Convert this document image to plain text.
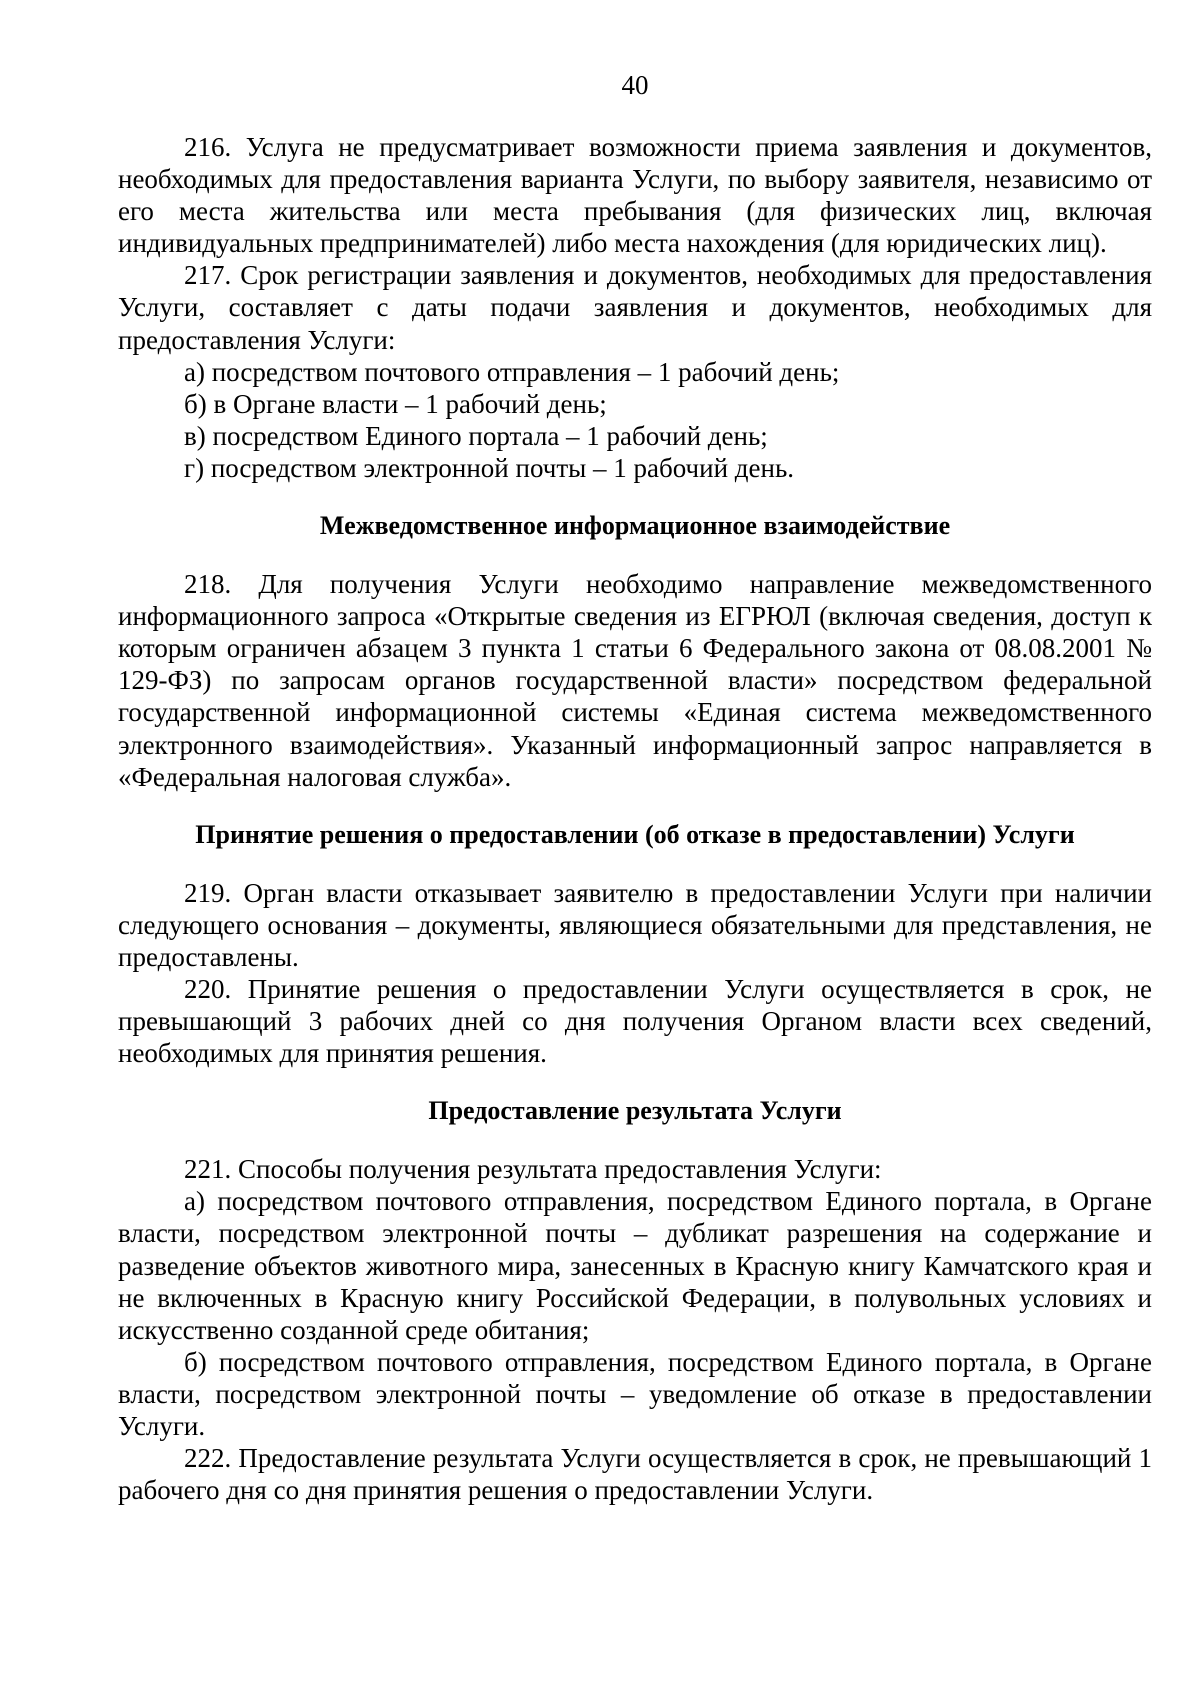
40

216. Услуга не предусматривает возможности приема заявления и документов, необходимых для предоставления варианта Услуги, по выбору заявителя, независимо от его места жительства или места пребывания (для физических лиц, включая индивидуальных предпринимателей) либо места нахождения (для юридических лиц).

217. Срок регистрации заявления и документов, необходимых для предоставления Услуги, составляет с даты подачи заявления и документов, необходимых для предоставления Услуги:

а) посредством почтового отправления – 1 рабочий день;

б) в Органе власти – 1 рабочий день;

в) посредством Единого портала – 1 рабочий день;

г) посредством электронной почты – 1 рабочий день.

Межведомственное информационное взаимодействие

218. Для получения Услуги необходимо направление межведомственного информационного запроса «Открытые сведения из ЕГРЮЛ (включая сведения, доступ к которым ограничен абзацем 3 пункта 1 статьи 6 Федерального закона от 08.08.2001 № 129-ФЗ) по запросам органов государственной власти» посредством федеральной государственной информационной системы «Единая система межведомственного электронного взаимодействия». Указанный информационный запрос направляется в «Федеральная налоговая служба».

Принятие решения о предоставлении (об отказе в предоставлении) Услуги

219. Орган власти отказывает заявителю в предоставлении Услуги при наличии следующего основания – документы, являющиеся обязательными для представления, не предоставлены.

220. Принятие решения о предоставлении Услуги осуществляется в срок, не превышающий 3 рабочих дней со дня получения Органом власти всех сведений, необходимых для принятия решения.

Предоставление результата Услуги

221. Способы получения результата предоставления Услуги:

а) посредством почтового отправления, посредством Единого портала, в Органе власти, посредством электронной почты – дубликат разрешения на содержание и разведение объектов животного мира, занесенных в Красную книгу Камчатского края и не включенных в Красную книгу Российской Федерации, в полувольных условиях и искусственно созданной среде обитания;

б) посредством почтового отправления, посредством Единого портала, в Органе власти, посредством электронной почты – уведомление об отказе в предоставлении Услуги.

222. Предоставление результата Услуги осуществляется в срок, не превышающий 1 рабочего дня со дня принятия решения о предоставлении Услуги.
